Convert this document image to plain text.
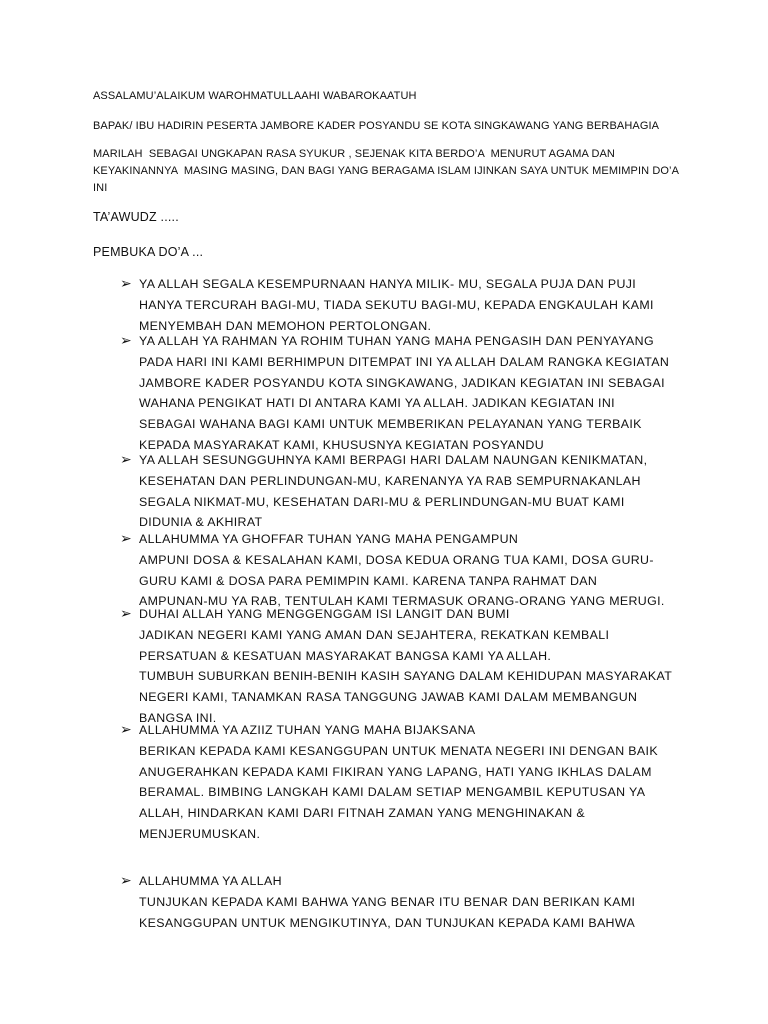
ASSALAMU’ALAIKUM WAROHMATULLAAHI WABAROKAATUH
BAPAK/ IBU HADIRIN PESERTA JAMBORE KADER POSYANDU SE KOTA SINGKAWANG YANG BERBAHAGIA
MARILAH  SEBAGAI UNGKAPAN RASA SYUKUR , SEJENAK KITA BERDO’A  MENURUT AGAMA DAN
KEYAKINANNYA  MASING MASING, DAN BAGI YANG BERAGAMA ISLAM IJINKAN SAYA UNTUK MEMIMPIN DO’A
INI
TA’AWUDZ .....
PEMBUKA DO’A ...
➢ YA ALLAH SEGALA KESEMPURNAAN HANYA MILIK- MU, SEGALA PUJA DAN PUJI
HANYA TERCURAH BAGI-MU, TIADA SEKUTU BAGI-MU, KEPADA ENGKAULAH KAMI
MENYEMBAH DAN MEMOHON PERTOLONGAN.
➢ YA ALLAH YA RAHMAN YA ROHIM TUHAN YANG MAHA PENGASIH DAN PENYAYANG
PADA HARI INI KAMI BERHIMPUN DITEMPAT INI YA ALLAH DALAM RANGKA KEGIATAN
JAMBORE KADER POSYANDU KOTA SINGKAWANG, JADIKAN KEGIATAN INI SEBAGAI
WAHANA PENGIKAT HATI DI ANTARA KAMI YA ALLAH. JADIKAN KEGIATAN INI
SEBAGAI WAHANA BAGI KAMI UNTUK MEMBERIKAN PELAYANAN YANG TERBAIK
KEPADA MASYARAKAT KAMI, KHUSUSNYA KEGIATAN POSYANDU
➢ YA ALLAH SESUNGGUHNYA KAMI BERPAGI HARI DALAM NAUNGAN KENIKMATAN,
KESEHATAN DAN PERLINDUNGAN-MU, KARENANYA YA RAB SEMPURNAKANLAH
SEGALA NIKMAT-MU, KESEHATAN DARI-MU & PERLINDUNGAN-MU BUAT KAMI
DIDUNIA & AKHIRAT
➢ ALLAHUMMA YA GHOFFAR TUHAN YANG MAHA PENGAMPUN
AMPUNI DOSA & KESALAHAN KAMI, DOSA KEDUA ORANG TUA KAMI, DOSA GURU-
GURU KAMI & DOSA PARA PEMIMPIN KAMI. KARENA TANPA RAHMAT DAN
AMPUNAN-MU YA RAB, TENTULAH KAMI TERMASUK ORANG-ORANG YANG MERUGI.
➢ DUHAI ALLAH YANG MENGGENGGAM ISI LANGIT DAN BUMI
JADIKAN NEGERI KAMI YANG AMAN DAN SEJAHTERA, REKATKAN KEMBALI
PERSATUAN & KESATUAN MASYARAKAT BANGSA KAMI YA ALLAH.
TUMBUH SUBURKAN BENIH-BENIH KASIH SAYANG DALAM KEHIDUPAN MASYARAKAT
NEGERI KAMI, TANAMKAN RASA TANGGUNG JAWAB KAMI DALAM MEMBANGUN
BANGSA INI.
➢ ALLAHUMMA YA AZIIZ TUHAN YANG MAHA BIJAKSANA
BERIKAN KEPADA KAMI KESANGGUPAN UNTUK MENATA NEGERI INI DENGAN BAIK
ANUGERAHKAN KEPADA KAMI FIKIRAN YANG LAPANG, HATI YANG IKHLAS DALAM
BERAMAL. BIMBING LANGKAH KAMI DALAM SETIAP MENGAMBIL KEPUTUSAN YA
ALLAH, HINDARKAN KAMI DARI FITNAH ZAMAN YANG MENGHINAKAN &
MENJERUMUSKAN.
➢ ALLAHUMMA YA ALLAH
TUNJUKAN KEPADA KAMI BAHWA YANG BENAR ITU BENAR DAN BERIKAN KAMI
KESANGGUPAN UNTUK MENGIKUTINYA, DAN TUNJUKAN KEPADA KAMI BAHWA
